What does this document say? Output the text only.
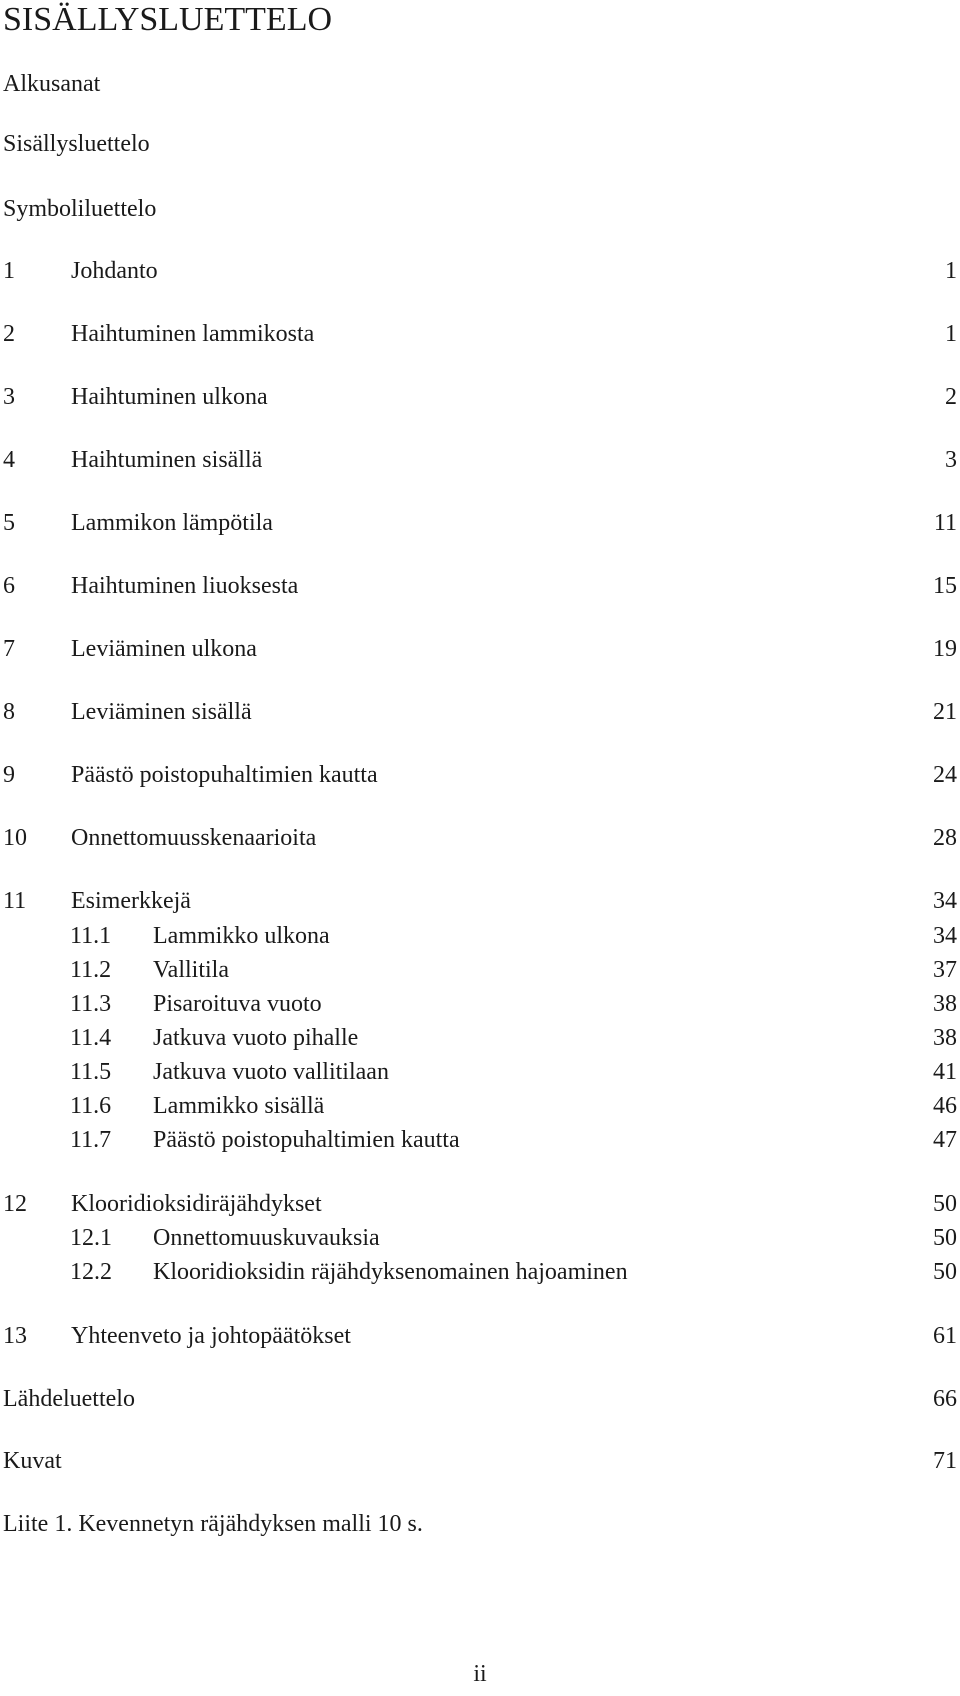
SISÄLLYSLUETTELO
Alkusanat
Sisällysluettelo
Symboliluettelo
1 Johdanto	1
2 Haihtuminen lammikosta	1
3 Haihtuminen ulkona	2
4 Haihtuminen sisällä	3
5 Lammikon lämpötila	11
6 Haihtuminen liuoksesta	15
7 Leviäminen ulkona	19
8 Leviäminen sisällä	21
9 Päästö poistopuhaltimien kautta	24
10 Onnettomuusskenaarioita	28
11 Esimerkkejä	34
11.1 Lammikko ulkona	34
11.2 Vallitila	37
11.3 Pisaroituva vuoto	38
11.4 Jatkuva vuoto pihalle	38
11.5 Jatkuva vuoto vallitilaan	41
11.6 Lammikko sisällä	46
11.7 Päästö poistopuhaltimien kautta	47
12 Klooridioksidiräjähdykset	50
12.1 Onnettomuuskuvauksia	50
12.2 Klooridioksidin räjähdyksenomainen hajoaminen	50
13 Yhteenveto ja johtopäätökset	61
Lähdeluettelo	66
Kuvat	71
Liite 1. Kevennetyn räjähdyksen malli 10 s.
ii
